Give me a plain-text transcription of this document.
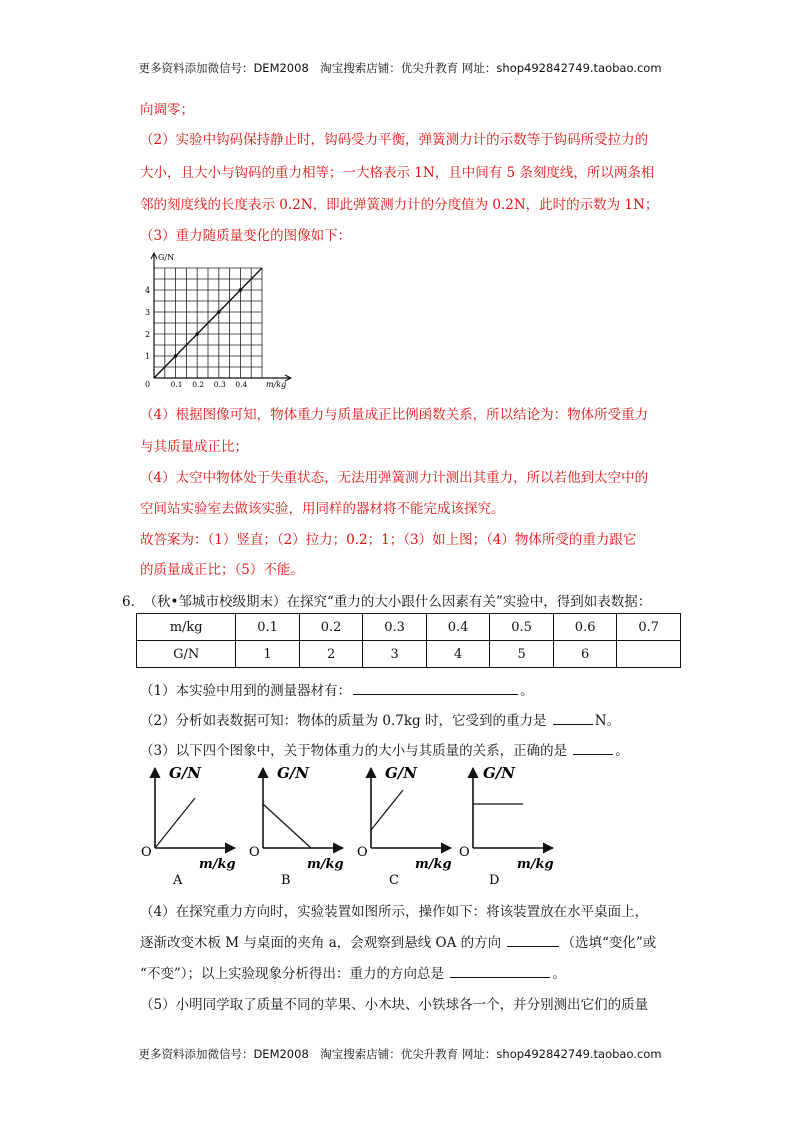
更多资料添加微信号：DEM2008　淘宝搜索店铺：优尖升教育 网址：shop492842749.taobao.com
向调零；
（2）实验中钩码保持静止时，钩码受力平衡，弹簧测力计的示数等于钩码所受拉力的
大小，且大小与钩码的重力相等；一大格表示 1N，且中间有 5 条刻度线，所以两条相
邻的刻度线的长度表示 0.2N，即此弹簧测力计的分度值为 0.2N，此时的示数为 1N；
（3）重力随质量变化的图像如下：
G/N
m/kg
0	0.1 0.2 0.3 0.4
1
2
3
4
（4）根据图像可知，物体重力与质量成正比例函数关系，所以结论为：物体所受重力
与其质量成正比；
（4）太空中物体处于失重状态，无法用弹簧测力计测出其重力，所以若他到太空中的
空间站实验室去做该实验，用同样的器材将不能完成该探究。
故答案为：（1）竖直；（2）拉力；0.2；1；（3）如上图；（4）物体所受的重力跟它
的质量成正比；（5）不能。
6. （秋•邹城市校级期末）在探究“重力的大小跟什么因素有关”实验中，得到如表数据：
m/kg	0.1	0.2	0.3	0.4	0.5	0.6	0.7
G/N	1	2	3	4	5	6	
（1）本实验中用到的测量器材有：	。
（2）分析如表数据可知：物体的质量为 0.7kg 时，它受到的重力是	N。
（3）以下四个图象中，关于物体重力的大小与其质量的关系，正确的是	。
G/N
O
m/kg
A
G/N
O
m/kg
B
G/N
O
m/kg
C
G/N
O
m/kg
D
（4）在探究重力方向时，实验装置如图所示，操作如下：将该装置放在水平桌面上，
逐渐改变木板 M 与桌面的夹角 a，会观察到悬线 OA 的方向	（选填“变化”或
“不变”）；以上实验现象分析得出：重力的方向总是	。
（5）小明同学取了质量不同的苹果、小木块、小铁球各一个，并分别测出它们的质量
更多资料添加微信号：DEM2008　淘宝搜索店铺：优尖升教育 网址：shop492842749.taobao.com
